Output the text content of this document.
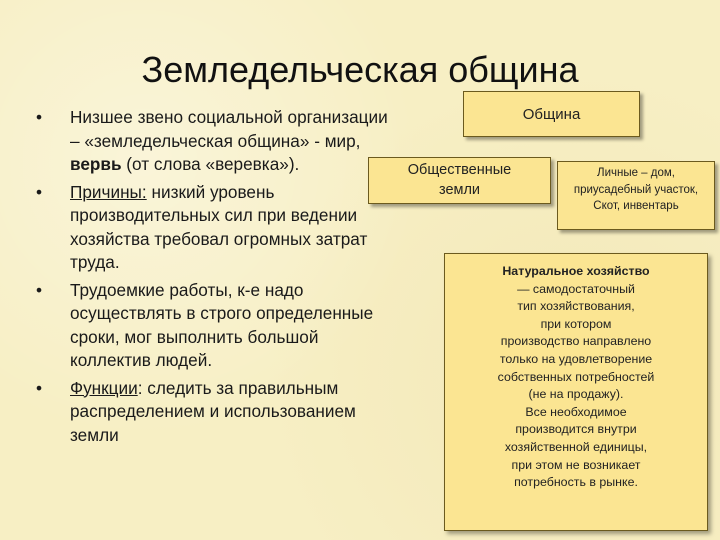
Земледельческая община
• Низшее звено социальной организации
– «земледельческая община» - мир,
вервь (от слова «веревка»).
• Причины: низкий уровень
производительных сил при ведении
хозяйства требовал огромных затрат
труда.
• Трудоемкие работы, к-е надо
осуществлять в строго определенные
сроки, мог выполнить большой
коллектив людей.
• Функции: следить за правильным
распределением и использованием
земли
Община
Общественные
земли
Личные – дом,
приусадебный участок,
Скот, инвентарь
Натуральное хозяйство
— самодостаточный
тип хозяйствования,
при котором
производство направлено
только на удовлетворение
собственных потребностей
(не на продажу).
Все необходимое
производится внутри
хозяйственной единицы,
при этом не возникает
потребность в рынке.
